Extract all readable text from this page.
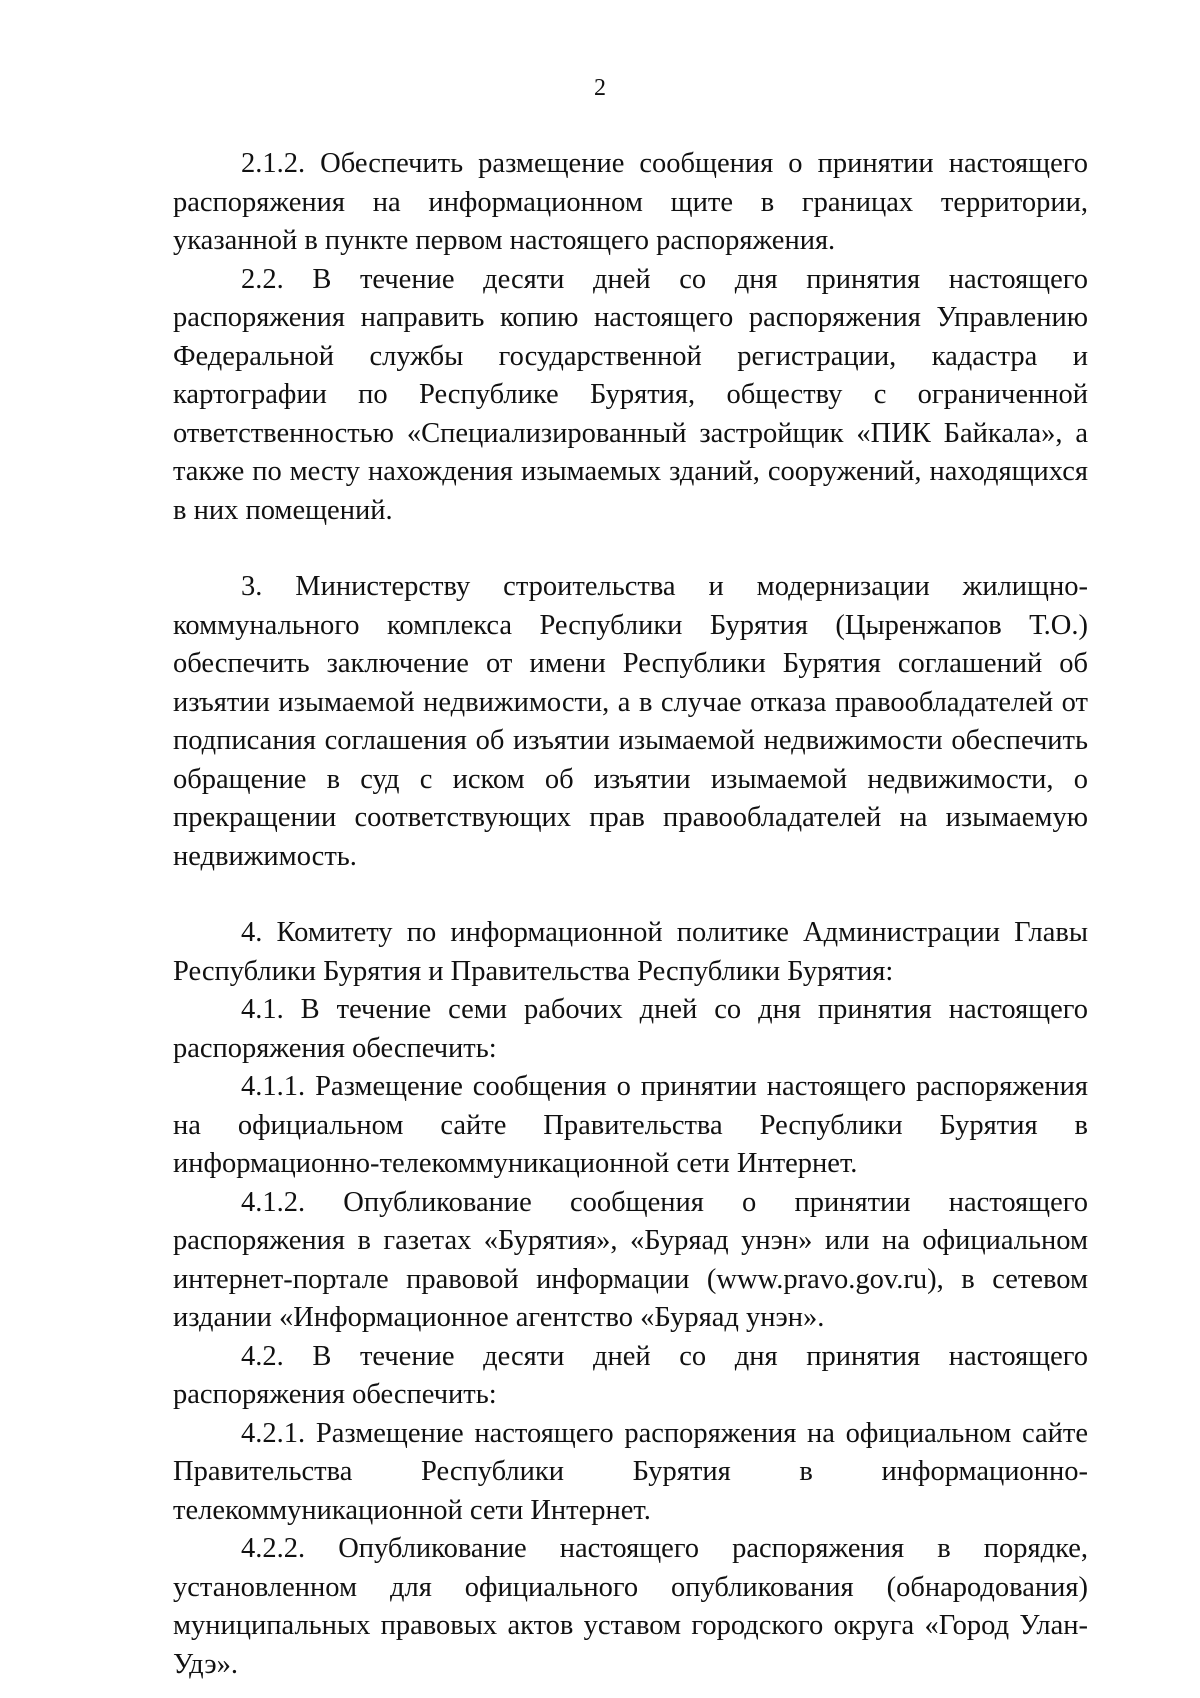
2

2.1.2. Обеспечить размещение сообщения о принятии настоящего распоряжения на информационном щите в границах территории, указанной в пункте первом настоящего распоряжения.

2.2. В течение десяти дней со дня принятия настоящего распоряжения направить копию настоящего распоряжения Управлению Федеральной службы государственной регистрации, кадастра и картографии по Республике Бурятия, обществу с ограниченной ответственностью «Специализированный застройщик «ПИК Байкала», а также по месту нахождения изымаемых зданий, сооружений, находящихся в них помещений.

3. Министерству строительства и модернизации жилищно-коммунального комплекса Республики Бурятия (Цыренжапов Т.О.) обеспечить заключение от имени Республики Бурятия соглашений об изъятии изымаемой недвижимости, а в случае отказа правообладателей от подписания соглашения об изъятии изымаемой недвижимости обеспечить обращение в суд с иском об изъятии изымаемой недвижимости, о прекращении соответствующих прав правообладателей на изымаемую недвижимость.

4. Комитету по информационной политике Администрации Главы Республики Бурятия и Правительства Республики Бурятия:

4.1. В течение семи рабочих дней со дня принятия настоящего распоряжения обеспечить:

4.1.1. Размещение сообщения о принятии настоящего распоряжения на официальном сайте Правительства Республики Бурятия в информационно-телекоммуникационной сети Интернет.

4.1.2. Опубликование сообщения о принятии настоящего распоряжения в газетах «Бурятия», «Буряад унэн» или на официальном интернет-портале правовой информации (www.pravo.gov.ru), в сетевом издании «Информационное агентство «Буряад унэн».

4.2. В течение десяти дней со дня принятия настоящего распоряжения обеспечить:

4.2.1. Размещение настоящего распоряжения на официальном сайте Правительства Республики Бурятия в информационно-телекоммуникационной сети Интернет.

4.2.2. Опубликование настоящего распоряжения в порядке, установленном для официального опубликования (обнародования) муниципальных правовых актов уставом городского округа «Город Улан-Удэ».
